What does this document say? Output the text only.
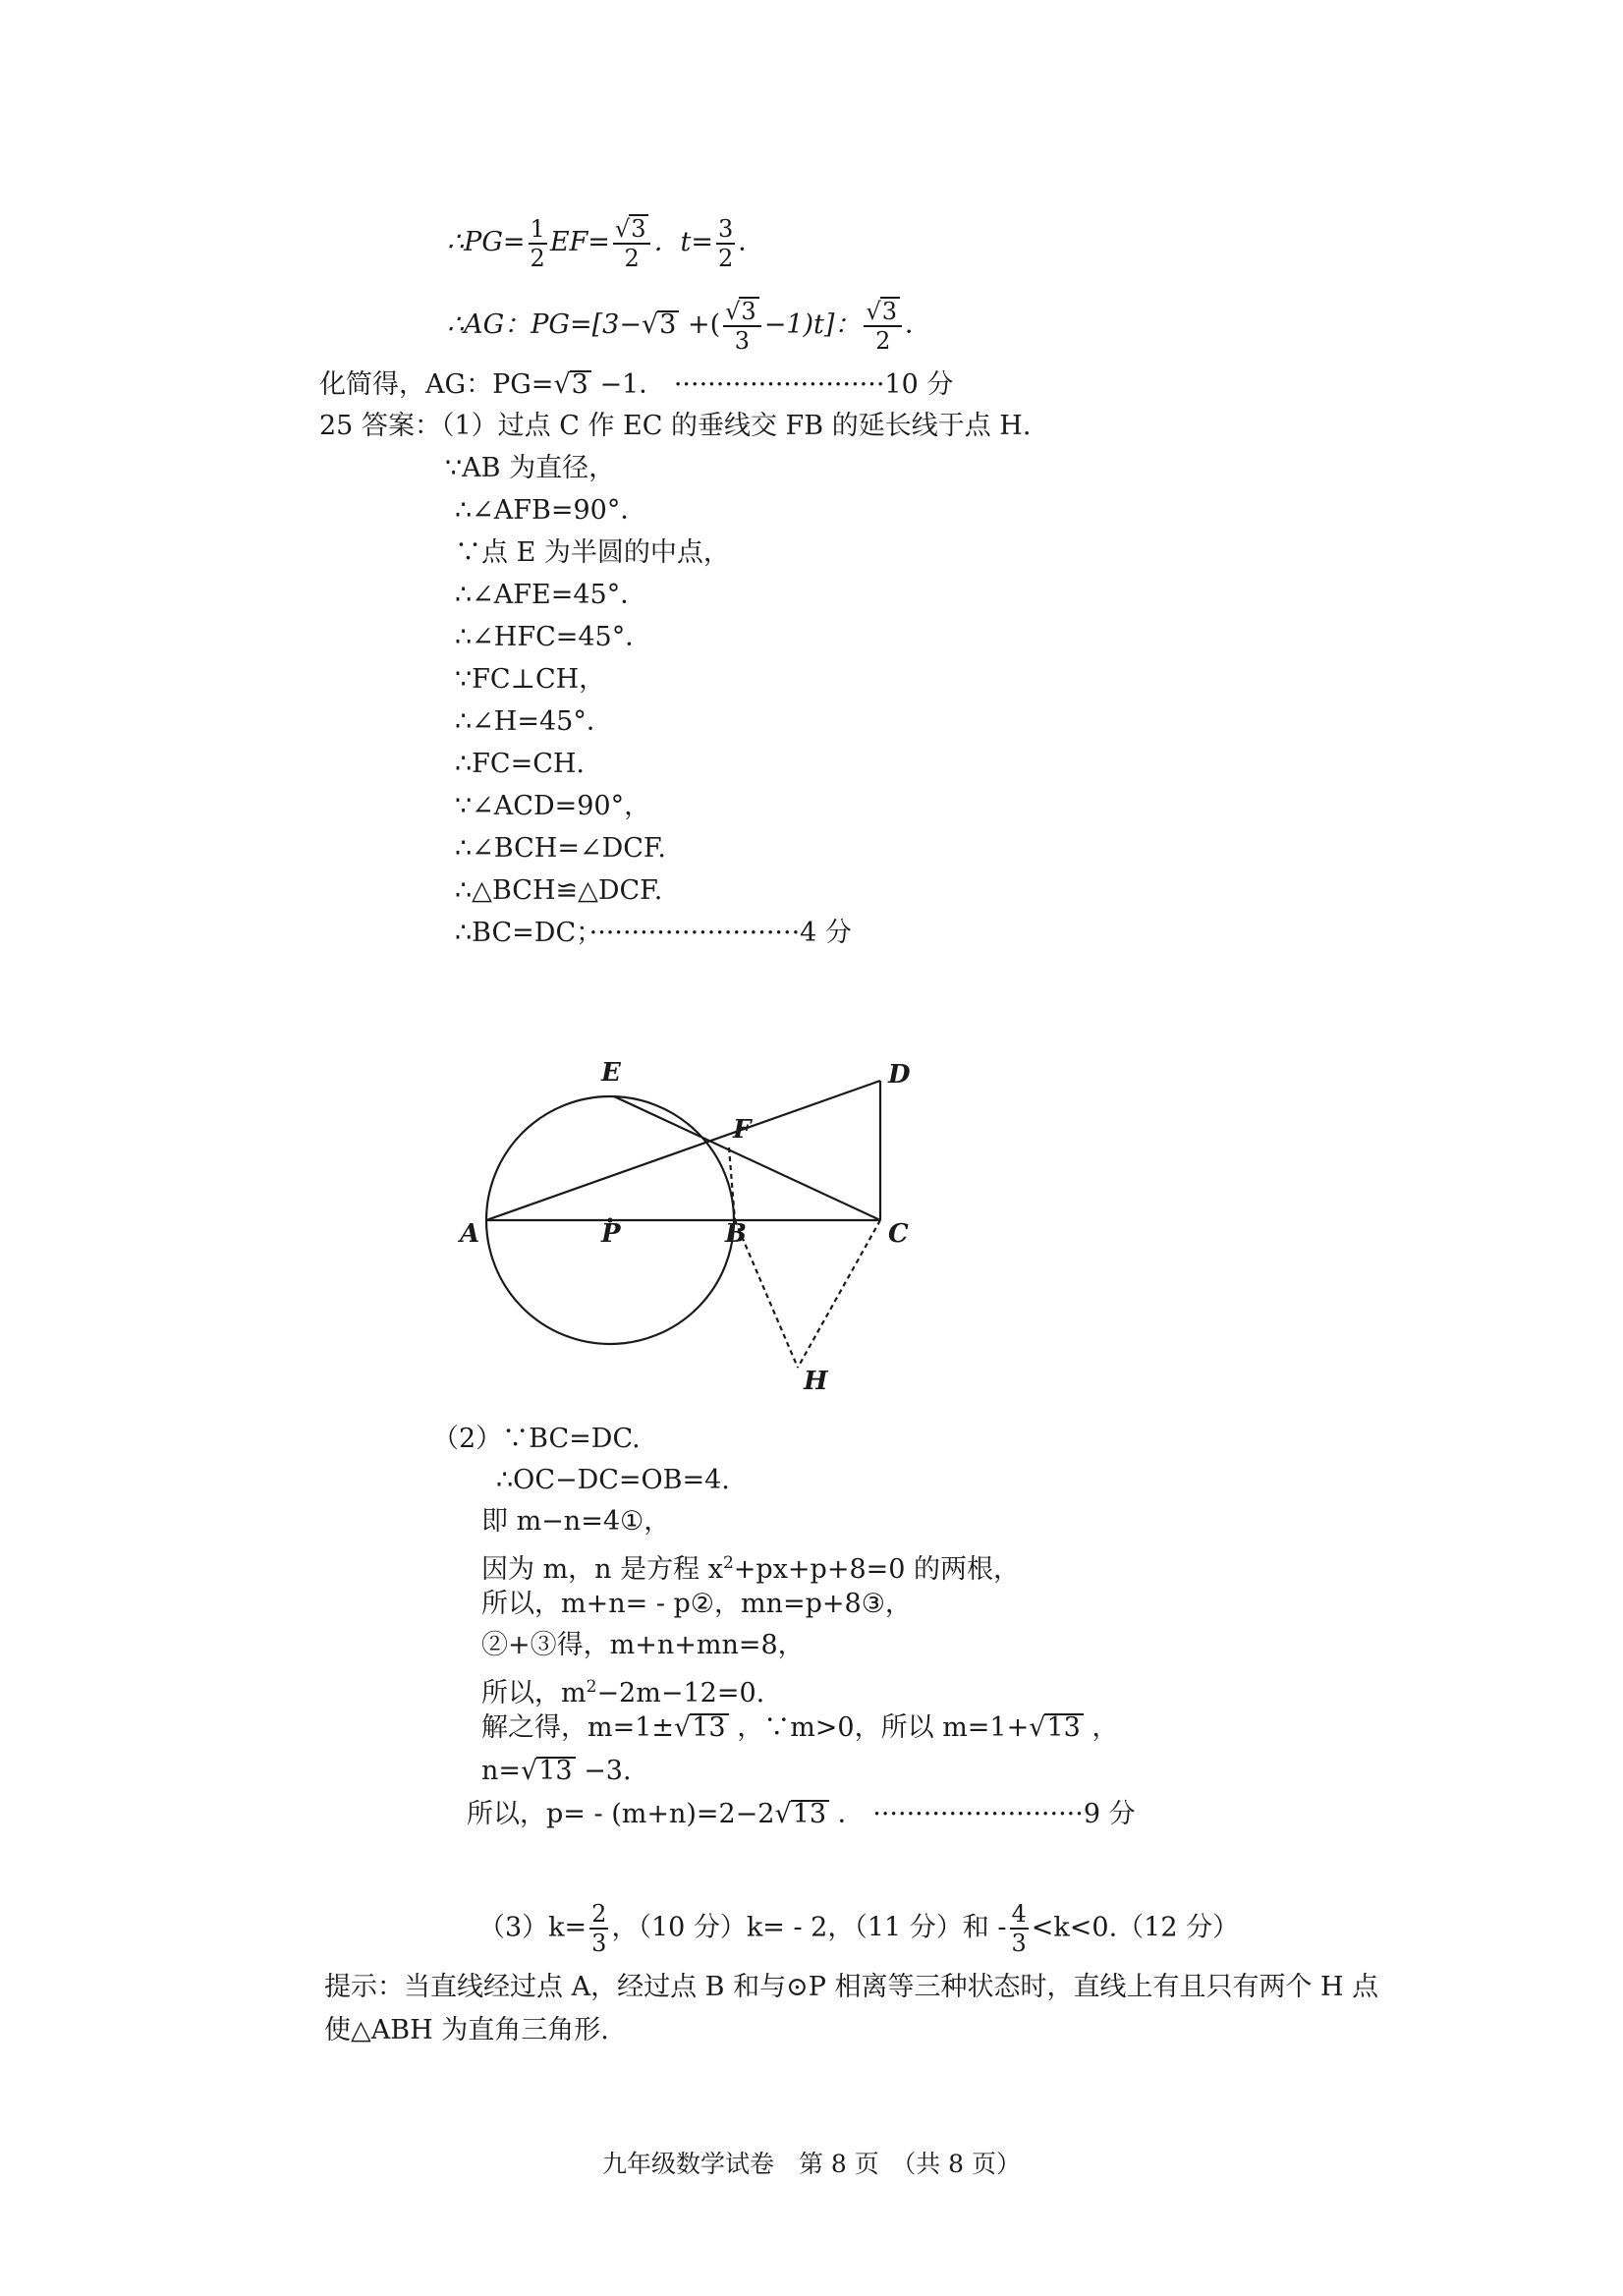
∴PG= $\frac{1}{2} EF= \frac{√3}{2}$ ．$t= \frac{3}{2}$ ．
∴AG：PG=[3−√3 +( $\frac{√3}{3} -1)t$]： $\frac{√3}{2}$ ．
化简得，AG：PG=√3 −1． ·························10 分
25 答案：（1）过点 C 作 EC 的垂线交 FB 的延长线于点 H.
∵AB 为直径，
∴∠AFB=90°．
∵点 E 为半圆的中点，
∴∠AFE=45°．
∴∠HFC=45°．
∵FC⊥CH，
∴∠H=45°．
∴FC=CH.
∵∠ACD=90°，
∴∠BCH=∠DCF.
∴△BCH≌△DCF.
∴BC=DC；·························4 分
E
F
D
A	P	B	C
H
（2）∵BC=DC.
∴OC−DC=OB=4.
即 m−n=4①，
因为 m，n 是方程 $x^2+px+p+8=0$ 的两根，
所以，m+n= - p②，mn=p+8③，
②+③得，m+n+mn=8，
所以，$m^2-2m-12=0$.
解之得，m=1±√13 ，∵m>0，所以 m=1+√13 ，
n=√13 −3.
所以，p= - (m+n)=2−2√13 ． ·························9 分
$(3)k= \frac{2}{3}$ ，（10 分）k= - 2，（11 分）和 - $\frac{4}{3} <k<0.(12$ 分）
提示：当直线经过点 A，经过点 B 和与⊙P 相离等三种状态时，直线上有且只有两个 H 点
使△ABH 为直角三角形.
九年级数学试卷　第 8 页　（共 8 页）
